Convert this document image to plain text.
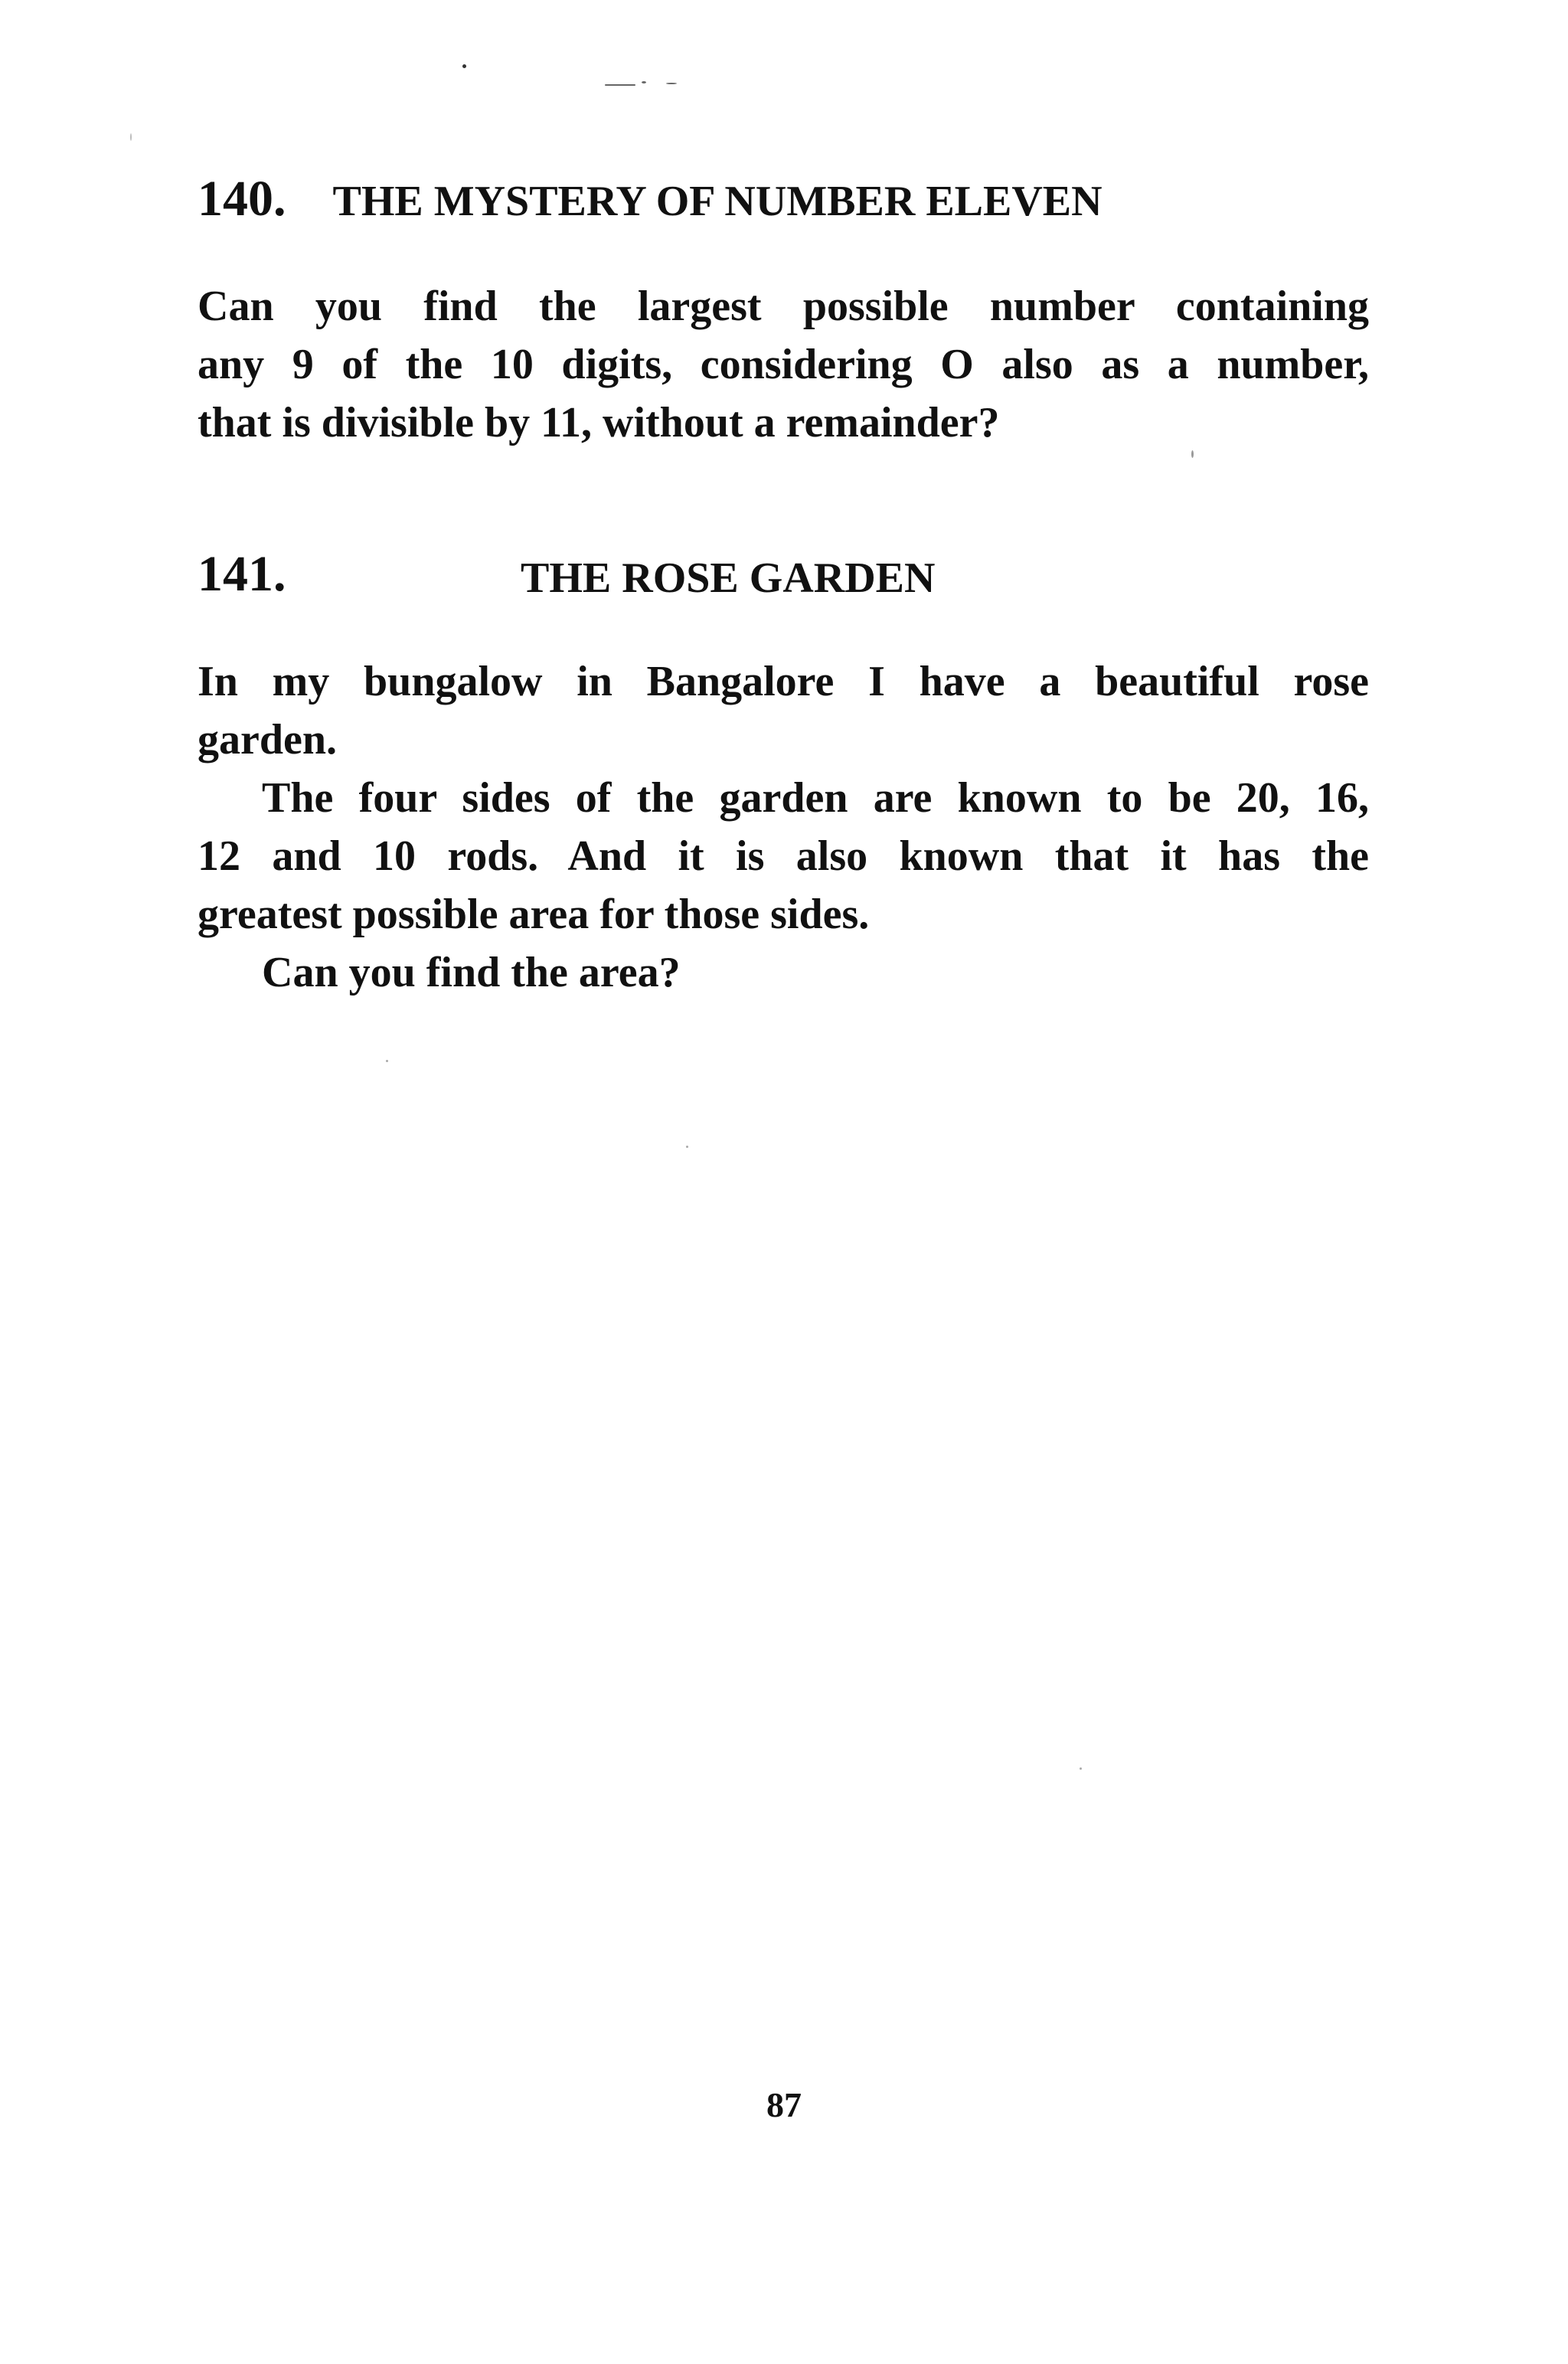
140. THE MYSTERY OF NUMBER ELEVEN
Can you find the largest possible number containing
any 9 of the 10 digits, considering O also as a number,
that is divisible by 11, without a remainder?
141.	THE ROSE GARDEN
In my bungalow in Bangalore I have a beautiful rose
garden.
The four sides of the garden are known to be 20, 16,
12 and 10 rods. And it is also known that it has the
greatest possible area for those sides.
Can you find the area?
87
